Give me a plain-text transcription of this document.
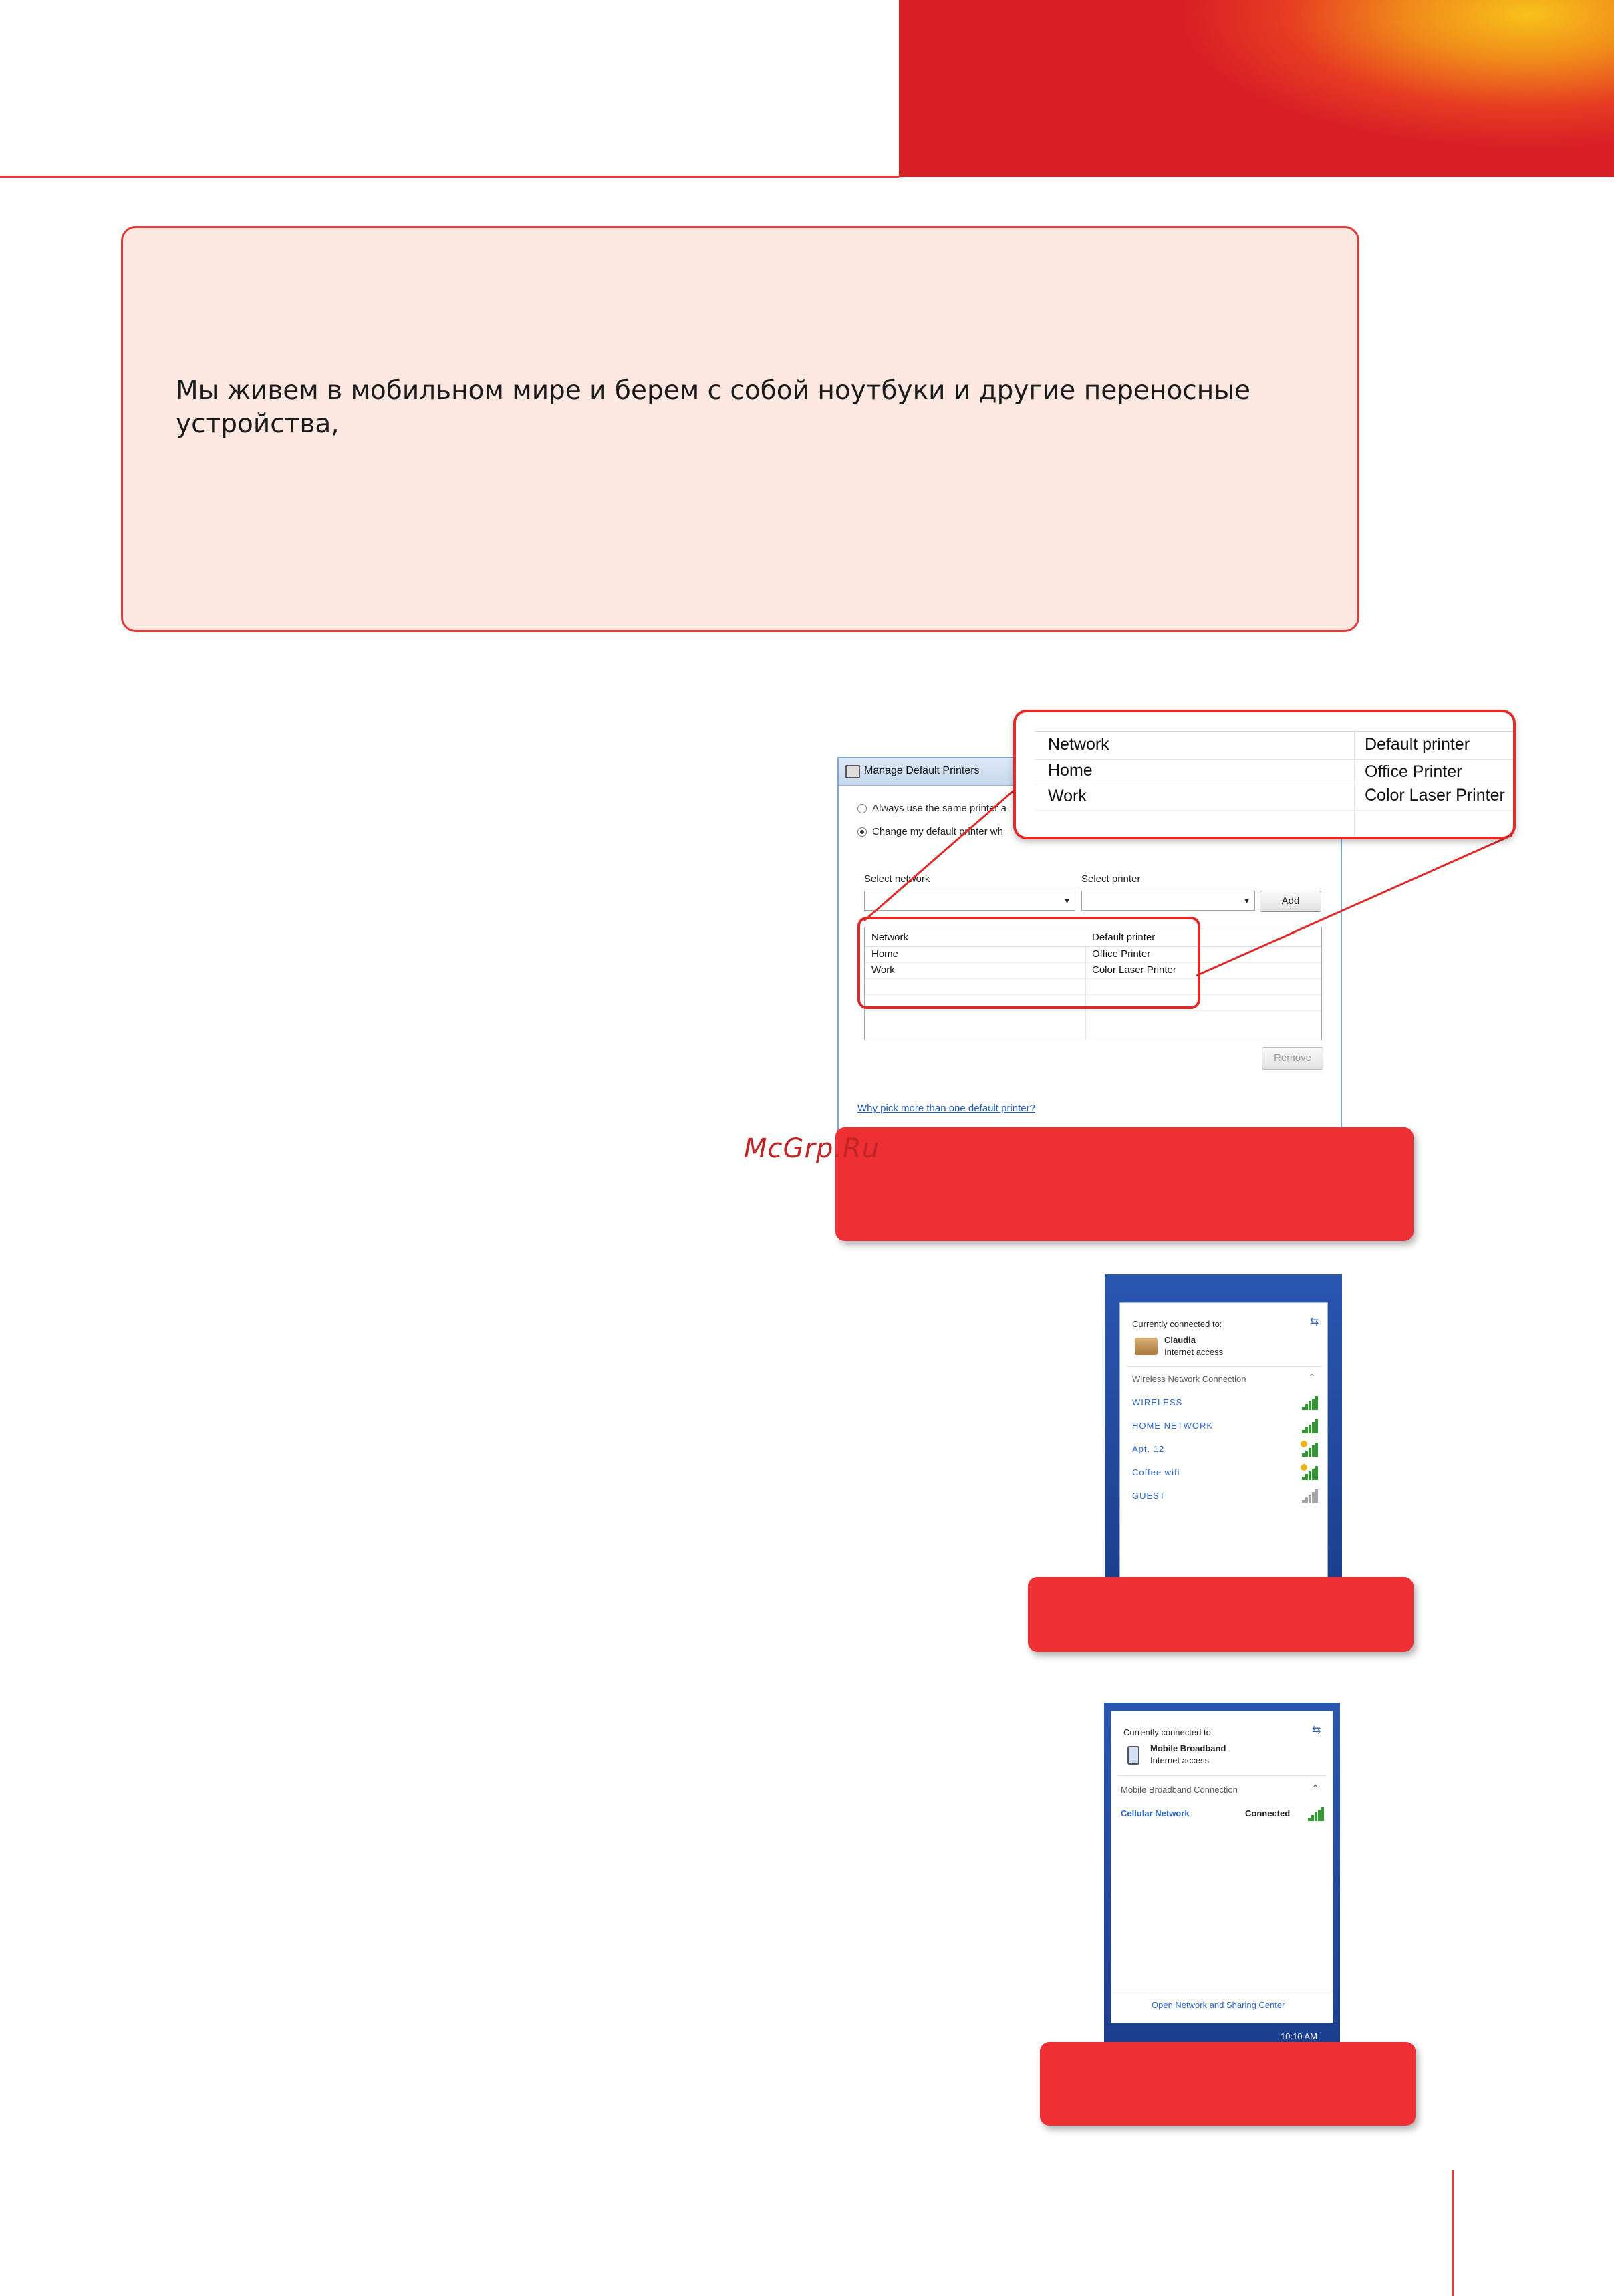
Мы живем в мобильном мире и берем с собой ноутбуки и другие переносные устройства,
Manage Default Printers
Always use the same printer a
Change my default printer wh
Select network	Select printer
▼	▼	Add
Network	Default printer
Home	Office Printer
Work	Color Laser Printer
Remove
Why pick more than one default printer?
Network	Default printer
Home	Office Printer
Work	Color Laser Printer
McGrp.Ru
Currently connected to:	⇆
Claudia
Internet access
Wireless Network Connection	⌃
WIRELESS
HOME NETWORK
Apt. 12
Coffee wifi
GUEST
Currently connected to:	⇆
Mobile Broadband
Internet access
Mobile Broadband Connection	⌃
Cellular Network	Connected
Open Network and Sharing Center
10:10 AM
